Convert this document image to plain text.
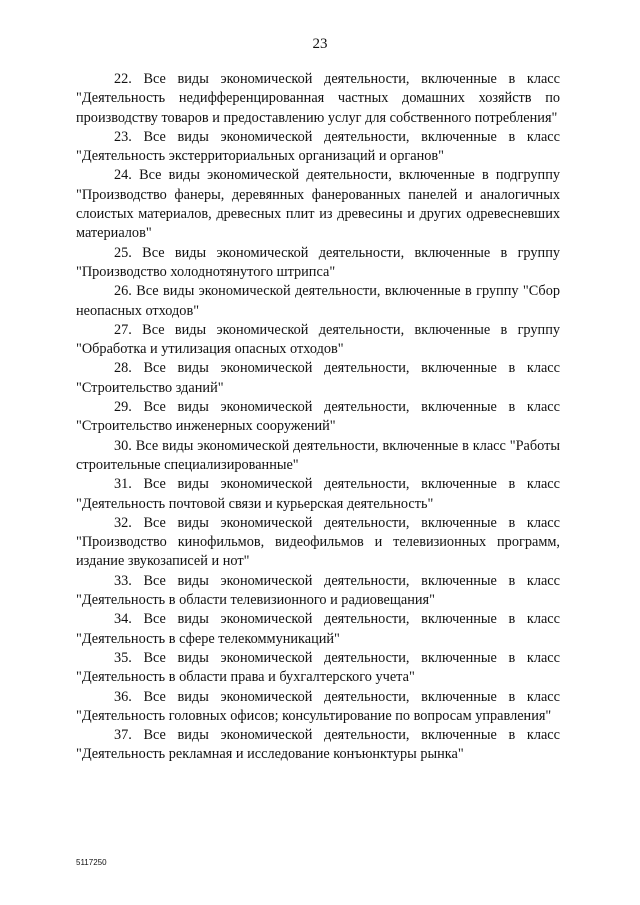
23

22. Все виды экономической деятельности, включенные в класс "Деятельность недифференцированная частных домашних хозяйств по производству товаров и предоставлению услуг для собственного потребления"

23. Все виды экономической деятельности, включенные в класс "Деятельность экстерриториальных организаций и органов"

24. Все виды экономической деятельности, включенные в подгруппу "Производство фанеры, деревянных фанерованных панелей и аналогичных слоистых материалов, древесных плит из древесины и других одревесневших материалов"

25. Все виды экономической деятельности, включенные в группу "Производство холоднотянутого штрипса"

26. Все виды экономической деятельности, включенные в группу "Сбор неопасных отходов"

27. Все виды экономической деятельности, включенные в группу "Обработка и утилизация опасных отходов"

28. Все виды экономической деятельности, включенные в класс "Строительство зданий"

29. Все виды экономической деятельности, включенные в класс "Строительство инженерных сооружений"

30. Все виды экономической деятельности, включенные в класс "Работы строительные специализированные"

31. Все виды экономической деятельности, включенные в класс "Деятельность почтовой связи и курьерская деятельность"

32. Все виды экономической деятельности, включенные в класс "Производство кинофильмов, видеофильмов и телевизионных программ, издание звукозаписей и нот"

33. Все виды экономической деятельности, включенные в класс "Деятельность в области телевизионного и радиовещания"

34. Все виды экономической деятельности, включенные в класс "Деятельность в сфере телекоммуникаций"

35. Все виды экономической деятельности, включенные в класс "Деятельность в области права и бухгалтерского учета"

36. Все виды экономической деятельности, включенные в класс "Деятельность головных офисов; консультирование по вопросам управления"

37. Все виды экономической деятельности, включенные в класс "Деятельность рекламная и исследование конъюнктуры рынка"

5117250
